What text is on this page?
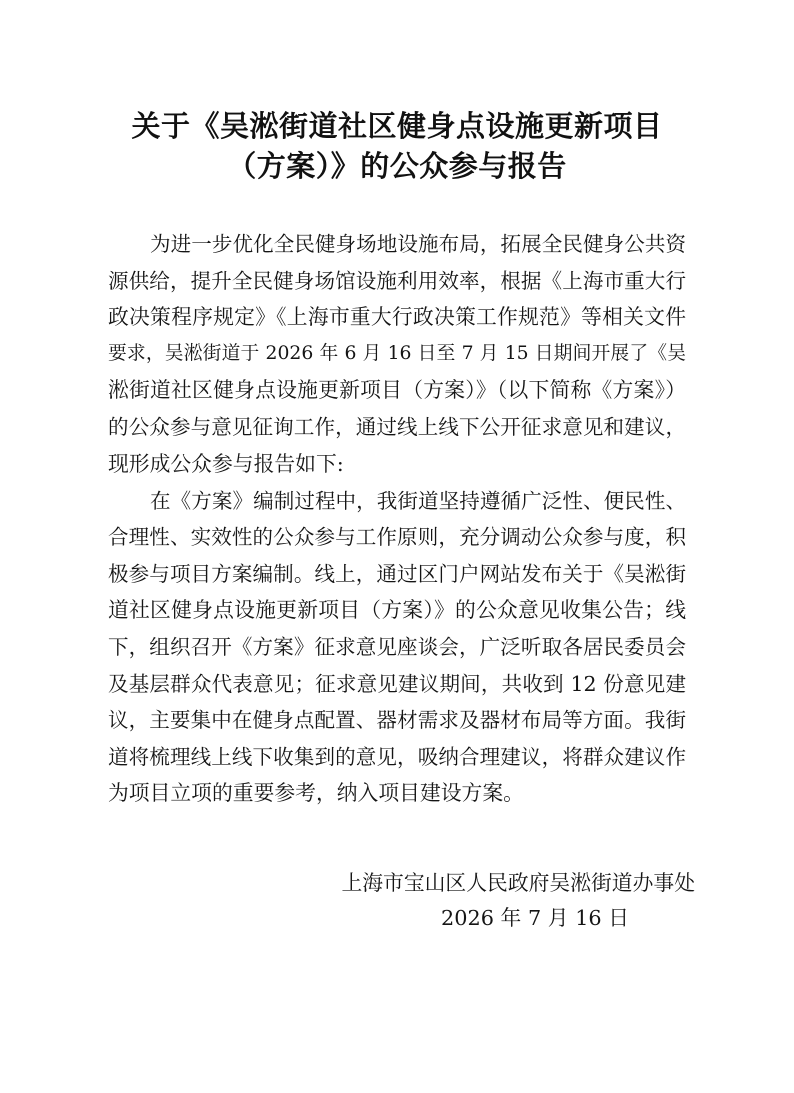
关于《吴淞街道社区健身点设施更新项目
（方案）》的公众参与报告
为进一步优化全民健身场地设施布局，拓展全民健身公共资
源供给，提升全民健身场馆设施利用效率，根据《上海市重大行
政决策程序规定》《上海市重大行政决策工作规范》等相关文件
要求，吴淞街道于 2026 年 6 月 16 日至 7 月 15 日期间开展了《吴
淞街道社区健身点设施更新项目（方案）》（以下简称《方案》）
的公众参与意见征询工作，通过线上线下公开征求意见和建议，
现形成公众参与报告如下:
在《方案》编制过程中，我街道坚持遵循广泛性、便民性、
合理性、实效性的公众参与工作原则，充分调动公众参与度，积
极参与项目方案编制。线上，通过区门户网站发布关于《吴淞街
道社区健身点设施更新项目（方案）》的公众意见收集公告；线
下，组织召开《方案》征求意见座谈会，广泛听取各居民委员会
及基层群众代表意见；征求意见建议期间，共收到 12 份意见建
议，主要集中在健身点配置、器材需求及器材布局等方面。我街
道将梳理线上线下收集到的意见，吸纳合理建议，将群众建议作
为项目立项的重要参考，纳入项目建设方案。
上海市宝山区人民政府吴淞街道办事处
2026 年 7 月 16 日
